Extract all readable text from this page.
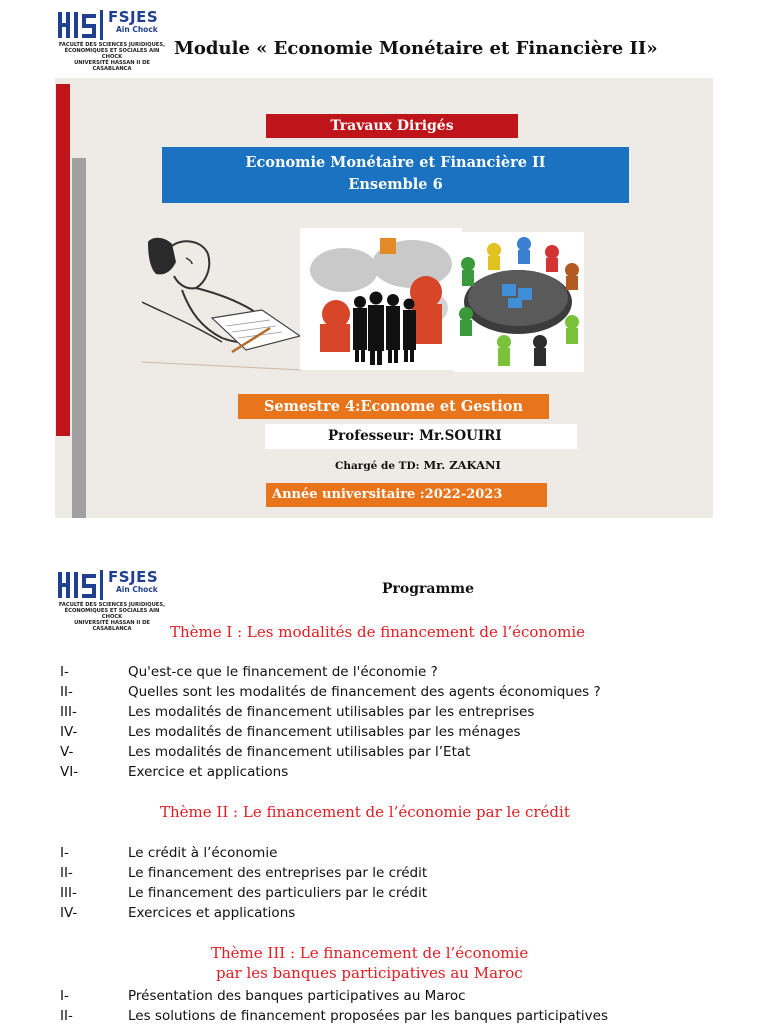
FSJES
Ain Chock
FACULTÉ DES SCIENCES JURIDIQUES,
ÉCONOMIQUES ET SOCIALES AIN CHOCK
UNIVERSITÉ HASSAN II DE CASABLANCA
Module « Economie Monétaire et Financière II»
Travaux Dirigés
Economie Monétaire et Financière II
Ensemble 6
Semestre 4:Econome et Gestion
Professeur: Mr.SOUIRI
Chargé de TD: Mr. ZAKANI
Année universitaire :2022-2023
FSJES
Ain Chock
FACULTÉ DES SCIENCES JURIDIQUES,
ÉCONOMIQUES ET SOCIALES AIN CHOCK
UNIVERSITÉ HASSAN II DE CASABLANCA
Programme
Thème I : Les modalités de financement de l’économie
I-	Qu'est-ce que le financement de l'économie ?
II-	Quelles sont les modalités de financement des agents économiques ?
III-	Les modalités de financement utilisables par les entreprises
IV-	Les modalités de financement utilisables par les ménages
V-	Les modalités de financement utilisables par l’Etat
VI-	Exercice et applications
Thème II : Le financement de l’économie par le crédit
I-	Le crédit à l’économie
II-	Le financement des entreprises par le crédit
III-	Le financement des particuliers par le crédit
IV-	Exercices et applications
Thème III : Le financement de l’économie
par les banques participatives au Maroc
I-	Présentation des banques participatives au Maroc
II-	Les solutions de financement proposées par les banques participatives
